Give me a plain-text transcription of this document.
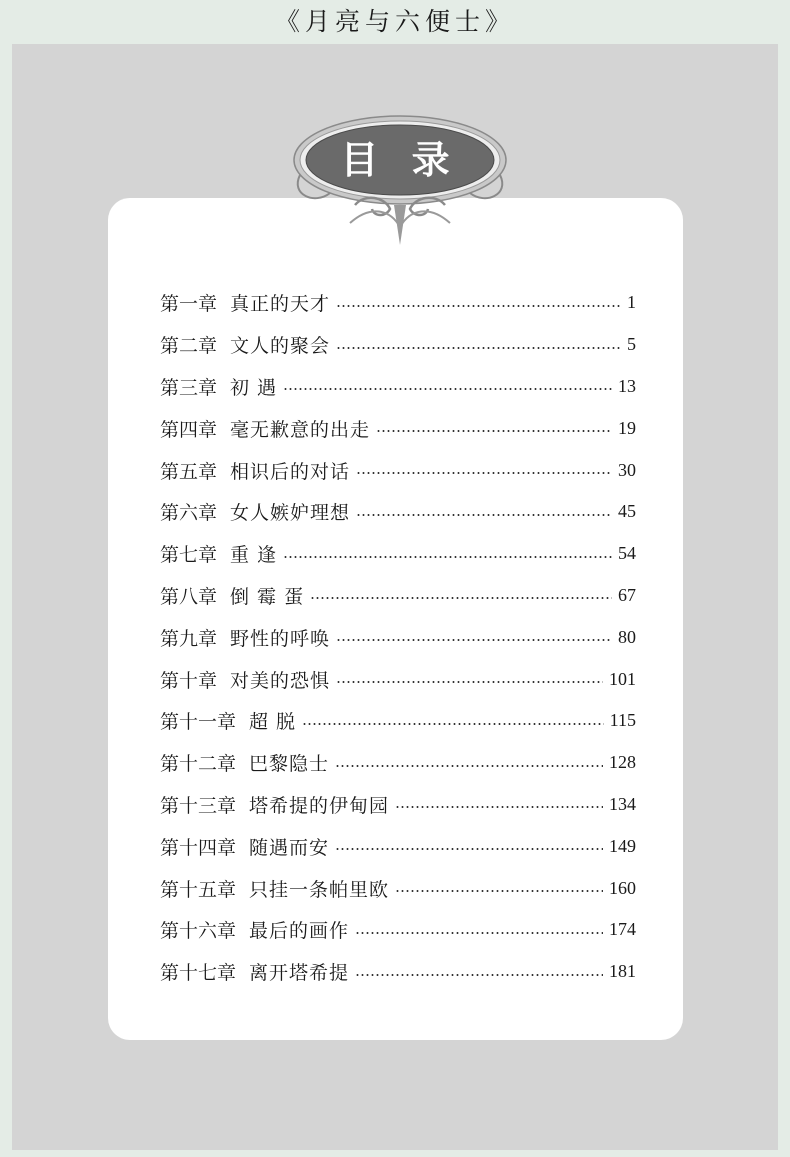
《月亮与六便士》
目 录
第一章 真正的天才	1
第二章 文人的聚会	5
第三章 初 遇	13
第四章 毫无歉意的出走	19
第五章 相识后的对话	30
第六章 女人嫉妒理想	45
第七章 重 逢	54
第八章 倒 霉 蛋	67
第九章 野性的呼唤	80
第十章 对美的恐惧	101
第十一章 超 脱	115
第十二章 巴黎隐士	128
第十三章 塔希提的伊甸园	134
第十四章 随遇而安	149
第十五章 只挂一条帕里欧	160
第十六章 最后的画作	174
第十七章 离开塔希提	181
